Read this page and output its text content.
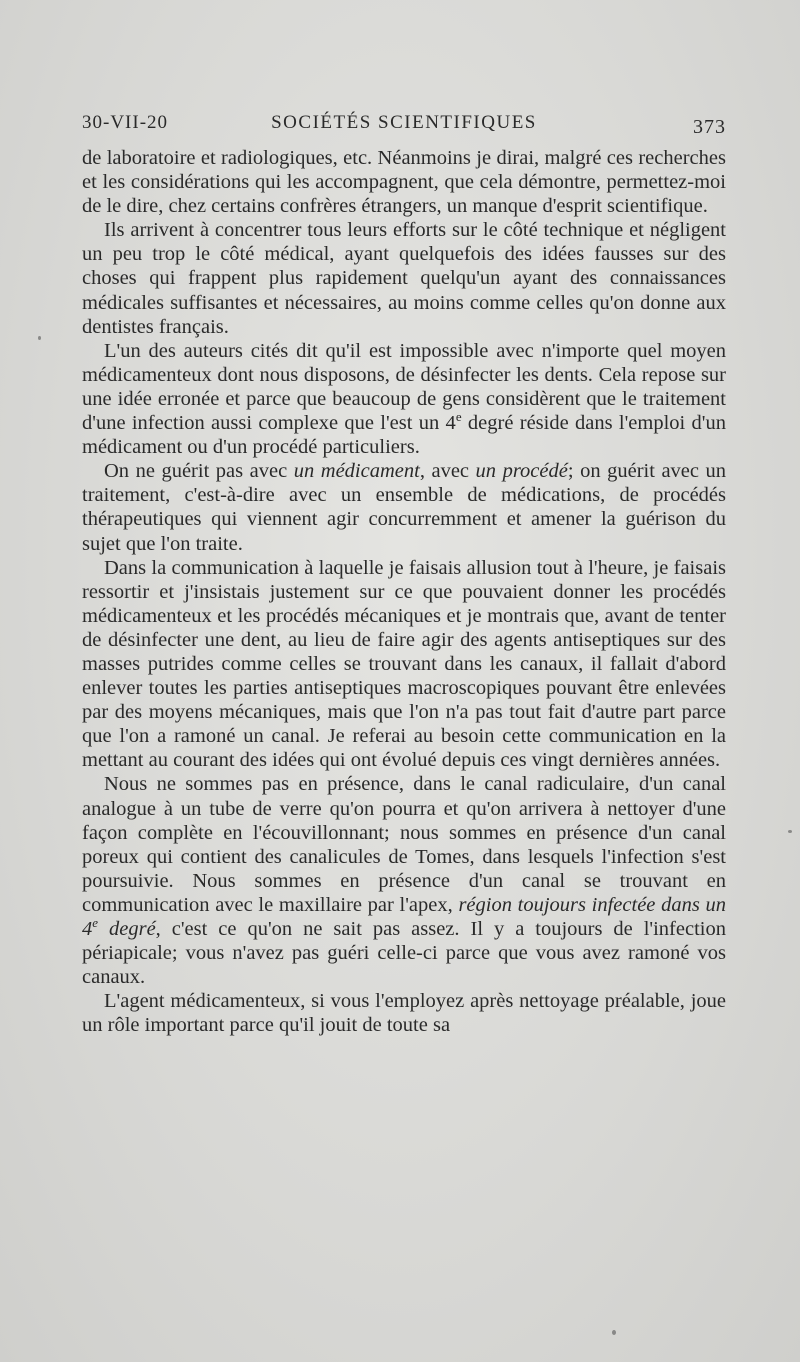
30-VII-20	SOCIÉTÉS SCIENTIFIQUES	373

de laboratoire et radiologiques, etc. Néanmoins je dirai, malgré ces recherches et les considérations qui les accompagnent, que cela démontre, permettez-moi de le dire, chez certains confrères étrangers, un manque d'esprit scientifique.

Ils arrivent à concentrer tous leurs efforts sur le côté technique et négligent un peu trop le côté médical, ayant quelquefois des idées fausses sur des choses qui frappent plus rapidement quelqu'un ayant des connaissances médicales suffisantes et nécessaires, au moins comme celles qu'on donne aux dentistes français.

L'un des auteurs cités dit qu'il est impossible avec n'importe quel moyen médicamenteux dont nous disposons, de désinfecter les dents. Cela repose sur une idée erronée et parce que beaucoup de gens considèrent que le traitement d'une infection aussi complexe que l'est un 4e degré réside dans l'emploi d'un médicament ou d'un procédé particuliers.

On ne guérit pas avec un médicament, avec un procédé; on guérit avec un traitement, c'est-à-dire avec un ensemble de médications, de procédés thérapeutiques qui viennent agir concurremment et amener la guérison du sujet que l'on traite.

Dans la communication à laquelle je faisais allusion tout à l'heure, je faisais ressortir et j'insistais justement sur ce que pouvaient donner les procédés médicamenteux et les procédés mécaniques et je montrais que, avant de tenter de désinfecter une dent, au lieu de faire agir des agents antiseptiques sur des masses putrides comme celles se trouvant dans les canaux, il fallait d'abord enlever toutes les parties antiseptiques macroscopiques pouvant être enlevées par des moyens mécaniques, mais que l'on n'a pas tout fait d'autre part parce que l'on a ramoné un canal. Je referai au besoin cette communication en la mettant au courant des idées qui ont évolué depuis ces vingt dernières années.

Nous ne sommes pas en présence, dans le canal radiculaire, d'un canal analogue à un tube de verre qu'on pourra et qu'on arrivera à nettoyer d'une façon complète en l'écouvillonnant; nous sommes en présence d'un canal poreux qui contient des canalicules de Tomes, dans lesquels l'infection s'est poursuivie. Nous sommes en présence d'un canal se trouvant en communication avec le maxillaire par l'apex, région toujours infectée dans un 4e degré, c'est ce qu'on ne sait pas assez. Il y a toujours de l'infection périapicale; vous n'avez pas guéri celle-ci parce que vous avez ramoné vos canaux.

L'agent médicamenteux, si vous l'employez après nettoyage préalable, joue un rôle important parce qu'il jouit de toute sa
